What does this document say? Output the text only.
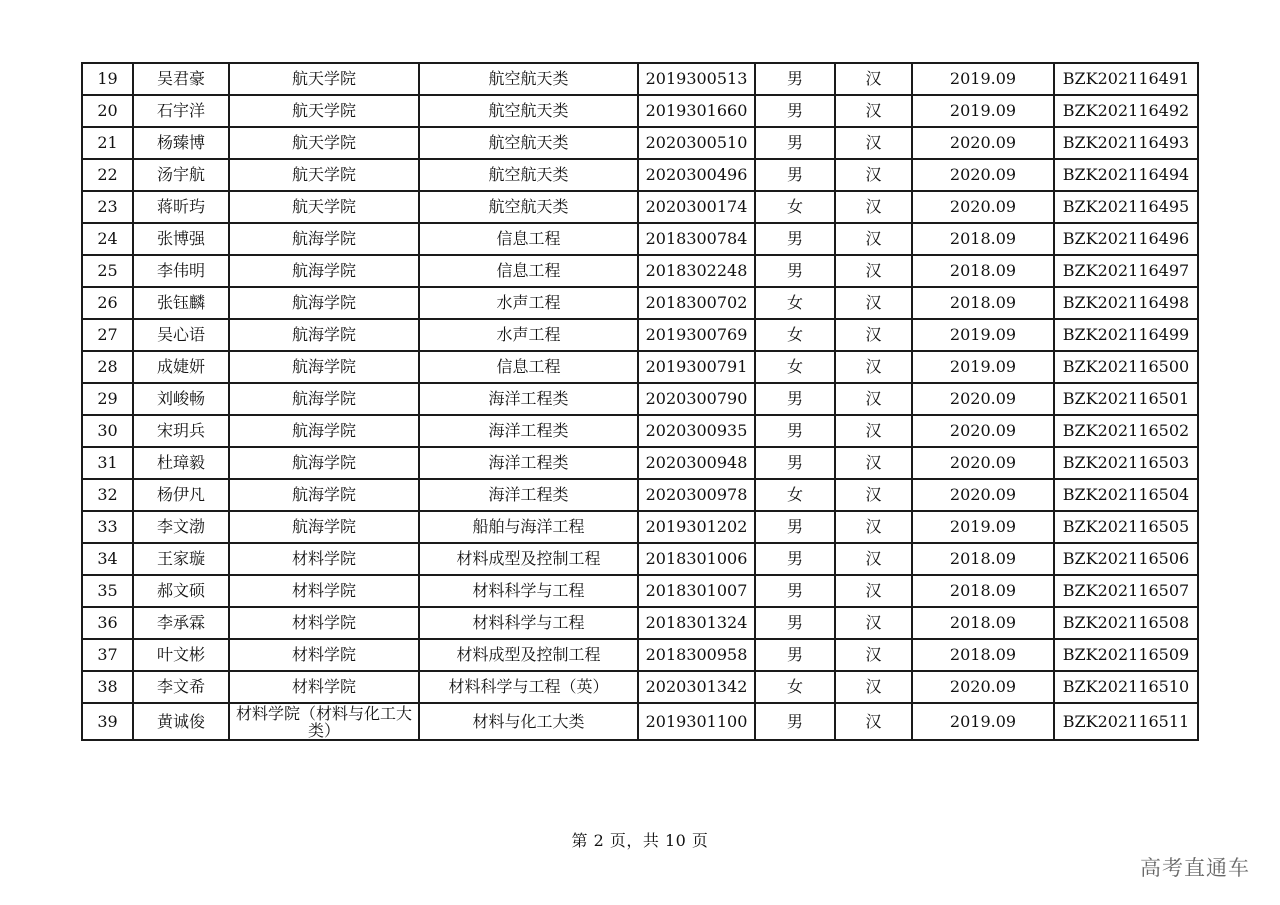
19	吴君豪	航天学院	航空航天类	2019300513	男	汉	2019.09	BZK202116491
20	石宇洋	航天学院	航空航天类	2019301660	男	汉	2019.09	BZK202116492
21	杨臻博	航天学院	航空航天类	2020300510	男	汉	2020.09	BZK202116493
22	汤宇航	航天学院	航空航天类	2020300496	男	汉	2020.09	BZK202116494
23	蒋昕玙	航天学院	航空航天类	2020300174	女	汉	2020.09	BZK202116495
24	张博强	航海学院	信息工程	2018300784	男	汉	2018.09	BZK202116496
25	李伟明	航海学院	信息工程	2018302248	男	汉	2018.09	BZK202116497
26	张钰麟	航海学院	水声工程	2018300702	女	汉	2018.09	BZK202116498
27	吴心语	航海学院	水声工程	2019300769	女	汉	2019.09	BZK202116499
28	成婕妍	航海学院	信息工程	2019300791	女	汉	2019.09	BZK202116500
29	刘峻畅	航海学院	海洋工程类	2020300790	男	汉	2020.09	BZK202116501
30	宋玥兵	航海学院	海洋工程类	2020300935	男	汉	2020.09	BZK202116502
31	杜璋毅	航海学院	海洋工程类	2020300948	男	汉	2020.09	BZK202116503
32	杨伊凡	航海学院	海洋工程类	2020300978	女	汉	2020.09	BZK202116504
33	李文渤	航海学院	船舶与海洋工程	2019301202	男	汉	2019.09	BZK202116505
34	王家璇	材料学院	材料成型及控制工程	2018301006	男	汉	2018.09	BZK202116506
35	郝文硕	材料学院	材料科学与工程	2018301007	男	汉	2018.09	BZK202116507
36	李承霖	材料学院	材料科学与工程	2018301324	男	汉	2018.09	BZK202116508
37	叶文彬	材料学院	材料成型及控制工程	2018300958	男	汉	2018.09	BZK202116509
38	李文希	材料学院	材料科学与工程（英）	2020301342	女	汉	2020.09	BZK202116510
39	黄诚俊	材料学院（材料与化工大类）	材料与化工大类	2019301100	男	汉	2019.09	BZK202116511
第 2 页，共 10 页
高考直通车
